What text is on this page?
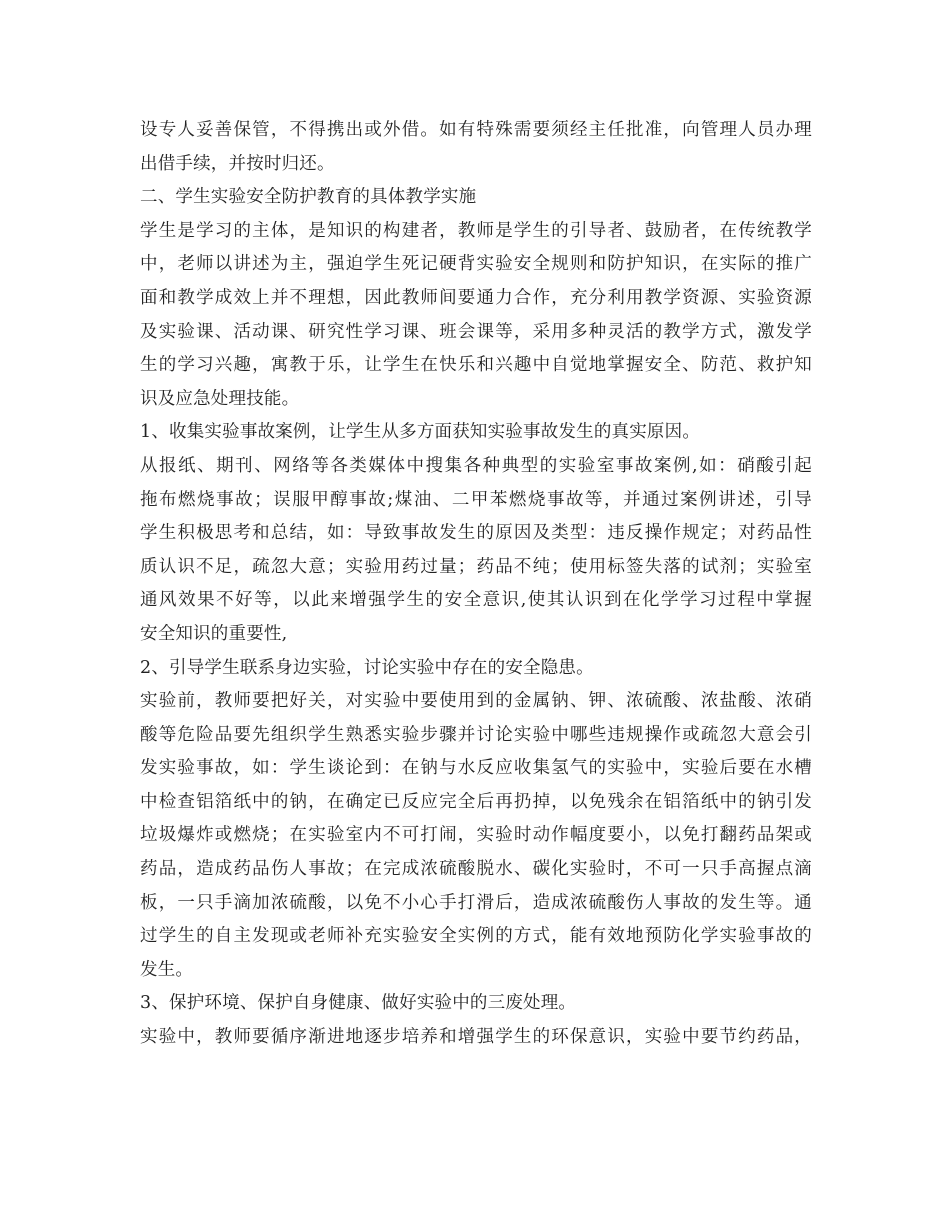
设专人妥善保管，不得携出或外借。如有特殊需要须经主任批准，向管理人员办理
出借手续，并按时归还。
二、学生实验安全防护教育的具体教学实施
学生是学习的主体，是知识的构建者，教师是学生的引导者、鼓励者，在传统教学
中，老师以讲述为主，强迫学生死记硬背实验安全规则和防护知识，在实际的推广
面和教学成效上并不理想，因此教师间要通力合作，充分利用教学资源、实验资源
及实验课、活动课、研究性学习课、班会课等，采用多种灵活的教学方式，激发学
生的学习兴趣，寓教于乐，让学生在快乐和兴趣中自觉地掌握安全、防范、救护知
识及应急处理技能。
1、收集实验事故案例，让学生从多方面获知实验事故发生的真实原因。
从报纸、期刊、网络等各类媒体中搜集各种典型的实验室事故案例,如：硝酸引起
拖布燃烧事故；误服甲醇事故;煤油、二甲苯燃烧事故等，并通过案例讲述，引导
学生积极思考和总结，如：导致事故发生的原因及类型：违反操作规定；对药品性
质认识不足，疏忽大意；实验用药过量；药品不纯；使用标签失落的试剂；实验室
通风效果不好等，以此来增强学生的安全意识,使其认识到在化学学习过程中掌握
安全知识的重要性,
2、引导学生联系身边实验，讨论实验中存在的安全隐患。
实验前，教师要把好关，对实验中要使用到的金属钠、钾、浓硫酸、浓盐酸、浓硝
酸等危险品要先组织学生熟悉实验步骤并讨论实验中哪些违规操作或疏忽大意会引
发实验事故，如：学生谈论到：在钠与水反应收集氢气的实验中，实验后要在水槽
中检查铝箔纸中的钠，在确定已反应完全后再扔掉，以免残余在铝箔纸中的钠引发
垃圾爆炸或燃烧；在实验室内不可打闹，实验时动作幅度要小，以免打翻药品架或
药品，造成药品伤人事故；在完成浓硫酸脱水、碳化实验时，不可一只手高握点滴
板，一只手滴加浓硫酸，以免不小心手打滑后，造成浓硫酸伤人事故的发生等。通
过学生的自主发现或老师补充实验安全实例的方式，能有效地预防化学实验事故的
发生。
3、保护环境、保护自身健康、做好实验中的三废处理。
实验中，教师要循序渐进地逐步培养和增强学生的环保意识，实验中要节约药品，
